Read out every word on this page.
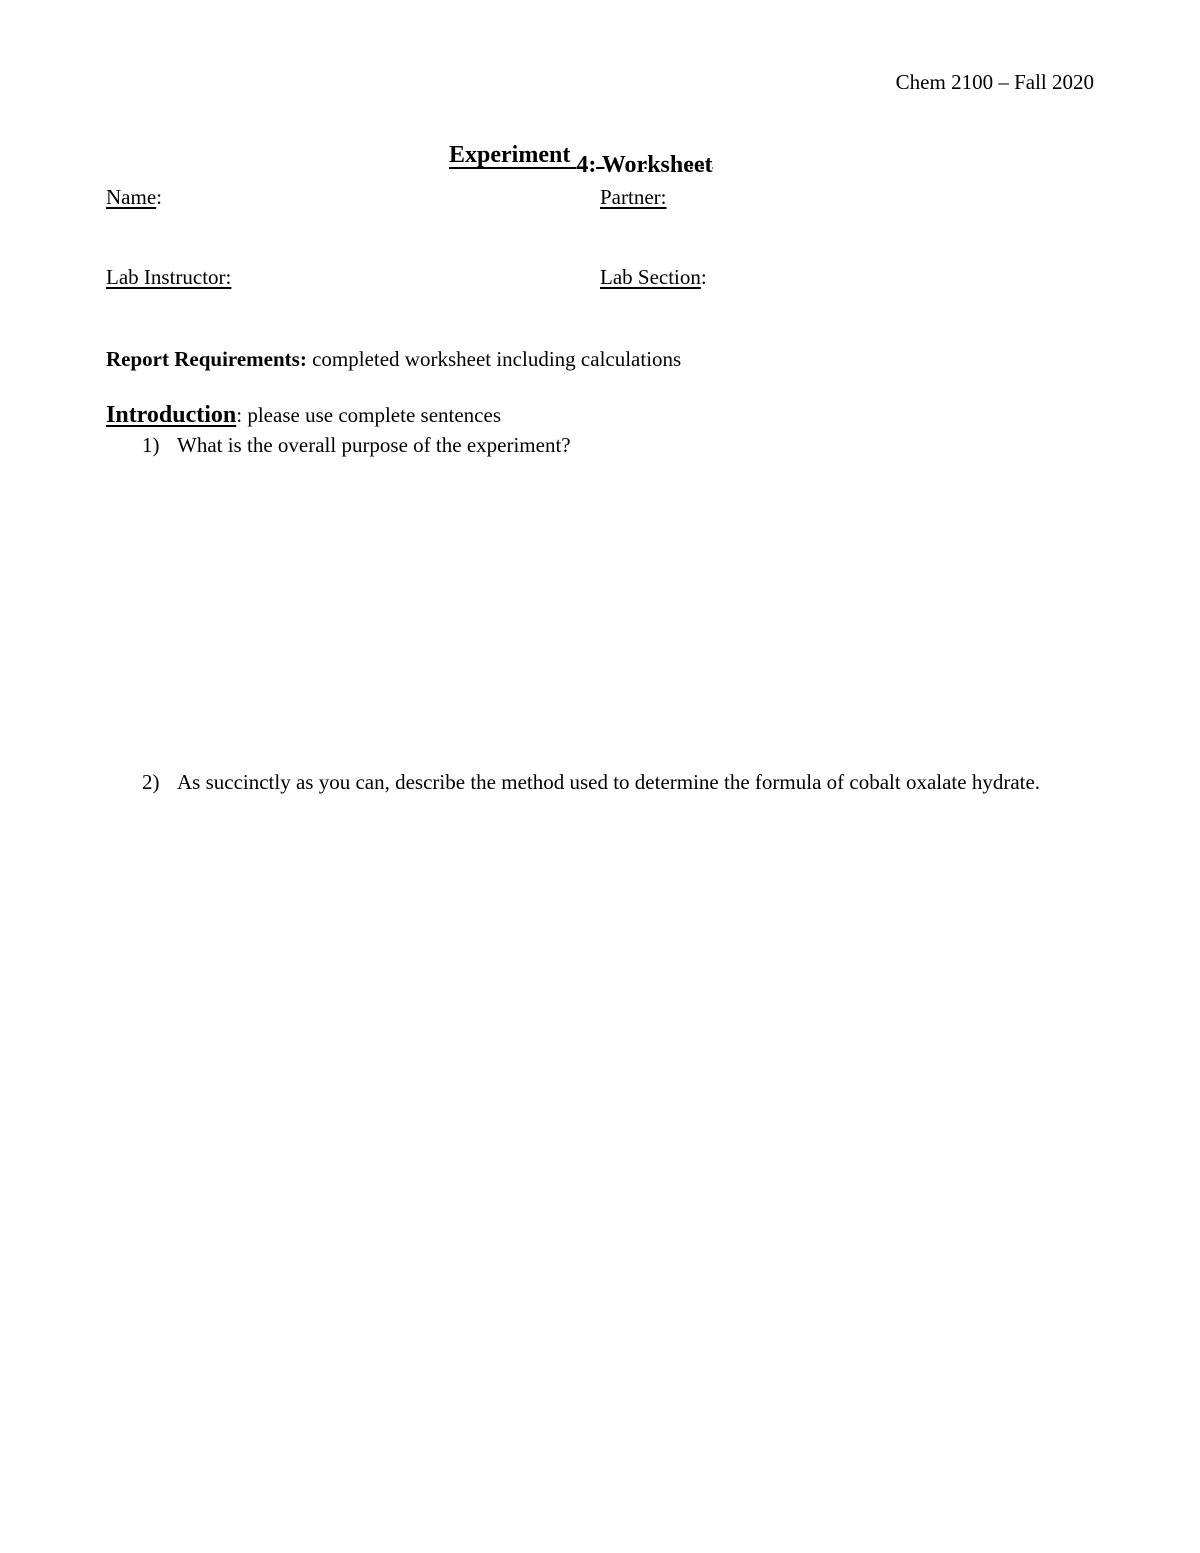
Chem 2100 – Fall 2020
Experiment 4: Worksheet
Name:	Partner:
Lab Instructor:	Lab Section:
Report Requirements: completed worksheet including calculations
Introduction: please use complete sentences
1) What is the overall purpose of the experiment?
2) As succinctly as you can, describe the method used to determine the formula of cobalt oxalate hydrate.
